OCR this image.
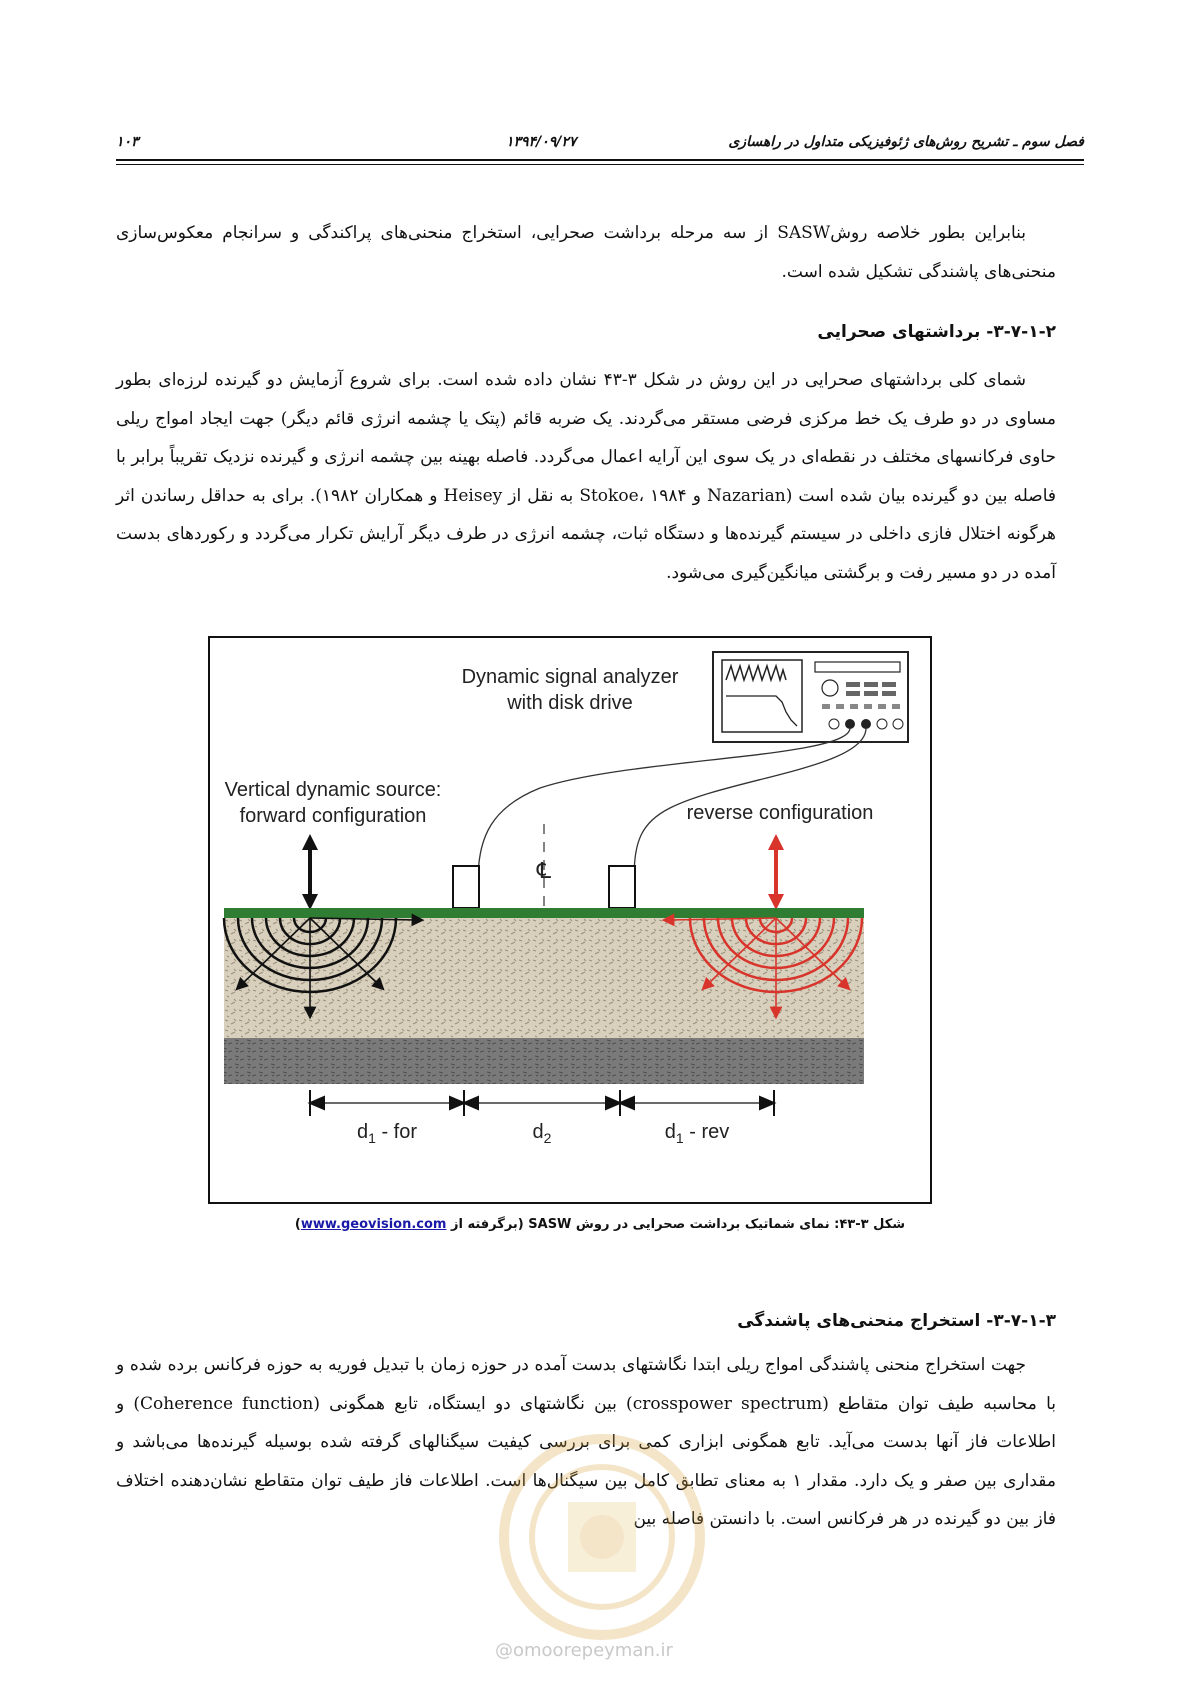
فصل سوم ـ تشریح روش‌های ژئوفیزیکی متداول در راهسازی
۱۳۹۴/۰۹/۲۷
۱۰۳
بنابراین بطور خلاصه روشSASW از سه مرحله برداشت صحرایی، استخراج منحنی‌های پراکندگی و سرانجام معکوس‌سازی منحنی‌های پاشندگی تشکیل شده است.
۳-۷-۱-۲- برداشتهای صحرایی
شمای کلی برداشتهای صحرایی در این روش در شکل ۳-۴۳ نشان داده شده است. برای شروع آزمایش دو گیرنده لرزه‌ای بطور مساوی در دو طرف یک خط مرکزی فرضی مستقر می‌گردند. یک ضربه قائم (پتک یا چشمه انرژی قائم دیگر) جهت ایجاد امواج ریلی حاوی فرکانسهای مختلف در نقطه‌ای در یک سوی این آرایه اعمال می‌گردد. فاصله بهینه بین چشمه انرژی و گیرنده نزدیک تقریباً برابر با فاصله بین دو گیرنده بیان شده است (Nazarian و Stokoe، ۱۹۸۴ به نقل از Heisey و همکاران ۱۹۸۲). برای به حداقل رساندن اثر هرگونه اختلال فازی داخلی در سیستم گیرنده‌ها و دستگاه ثبات، چشمه انرژی در طرف دیگر آرایش تکرار می‌گردد و رکوردهای بدست آمده در دو مسیر رفت و برگشتی میانگین‌گیری می‌شود.
Dynamic signal analyzer
with disk drive
Vertical dynamic source:
forward configuration	reverse configuration
℄
$d_1$ - for	$d_2$	$d_1$ - rev
شکل ۳-۴۳: نمای شماتیک برداشت صحرایی در روش SASW (برگرفته از www.geovision.com)
۳-۷-۱-۳- استخراج منحنی‌های پاشندگی
جهت استخراج منحنی پاشندگی امواج ریلی ابتدا نگاشتهای بدست آمده در حوزه زمان با تبدیل فوریه به حوزه فرکانس برده شده و با محاسبه طیف توان متقاطع (crosspower spectrum) بین نگاشتهای دو ایستگاه، تابع همگونی (Coherence function) و اطلاعات فاز آنها بدست می‌آید. تابع همگونی ابزاری کمی برای بررسی کیفیت سیگنالهای گرفته شده بوسیله گیرنده‌ها می‌باشد و مقداری بین صفر و یک دارد. مقدار ۱ به معنای تطابق کامل بین سیگنال‌ها است. اطلاعات فاز طیف توان متقاطع نشان‌دهنده اختلاف فاز بین دو گیرنده در هر فرکانس است. با دانستن فاصله بین
@omoorepeyman.ir
